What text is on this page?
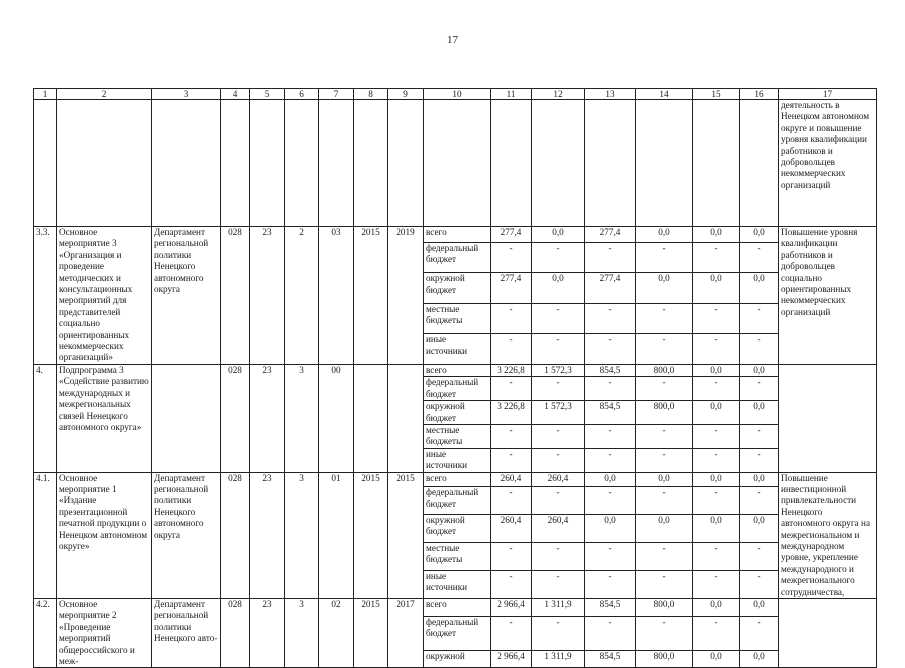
17
1	2	3	4	5	6	7	8	9	10	11	12	13	14	15	16	17
																деятельность в Ненецком автономном округе и повышение уровня квалификации работников и добровольцев некоммерческих организаций
3.3.	Основное мероприятие 3 «Организация и проведение методических и консультационных мероприятий для представителей социально ориентированных некоммерческих организаций»	Департамент региональной политики Ненецкого автономного округа	028	23	2	03	2015	2019	всего	277,4	0,0	277,4	0,0	0,0	0,0	Повышение уровня квалификации работников и добровольцев социально ориентированных некоммерческих организаций
									федеральный бюджет	-	-	-	-	-	-	
									окружной бюджет	277,4	0,0	277,4	0,0	0,0	0,0	
									местные бюджеты	-	-	-	-	-	-	
									иные источники	-	-	-	-	-	-	
4.	Подпрограмма 3 «Содействие развитию международных и межрегиональных связей Ненецкого автономного округа»		028	23	3	00			всего	3 226,8	1 572,3	854,5	800,0	0,0	0,0	
									федеральный бюджет	-	-	-	-	-	-	
									окружной бюджет	3 226,8	1 572,3	854,5	800,0	0,0	0,0	
									местные бюджеты	-	-	-	-	-	-	
									иные источники	-	-	-	-	-	-	
4.1.	Основное мероприятие 1 «Издание презентационной печатной продукции о Ненецком автономном округе»	Департамент региональной политики Ненецкого автономного округа	028	23	3	01	2015	2015	всего	260,4	260,4	0,0	0,0	0,0	0,0	Повышение инвестиционной привлекательности Ненецкого автономного округа на межрегиональном и международном уровне, укрепление международного и межрегионального сотрудничества,
									федеральный бюджет	-	-	-	-	-	-	
									окружной бюджет	260,4	260,4	0,0	0,0	0,0	0,0	
									местные бюджеты	-	-	-	-	-	-	
									иные источники	-	-	-	-	-	-	
4.2.	Основное мероприятие 2 «Проведение мероприятий общероссийского и меж-	Департамент региональной политики Ненецкого авто-	028	23	3	02	2015	2017	всего	2 966,4	1 311,9	854,5	800,0	0,0	0,0	
									федеральный бюджет	-	-	-	-	-	-	
									окружной	2 966,4	1 311,9	854,5	800,0	0,0	0,0	
